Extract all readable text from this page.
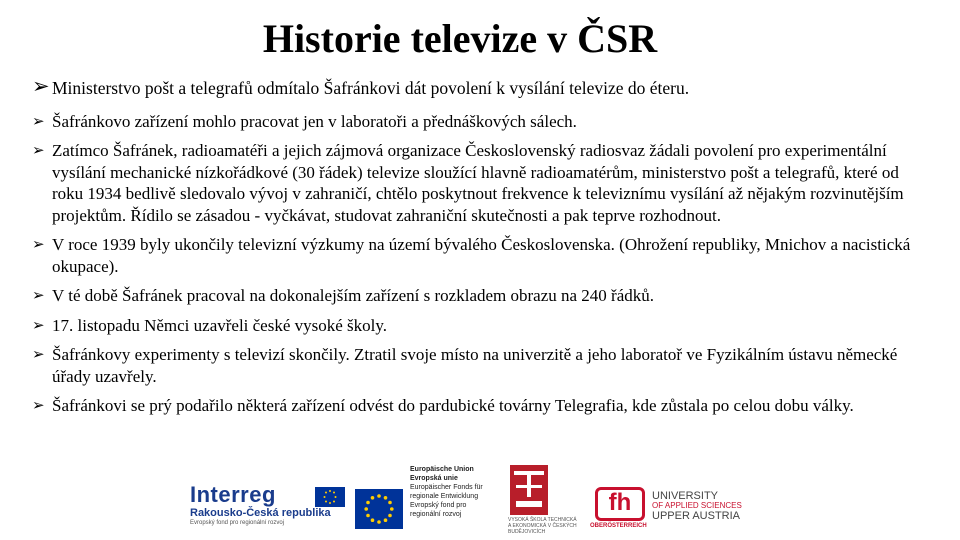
Historie televize v ČSR
➢ Ministerstvo pošt a telegrafů odmítalo Šafránkovi dát povolení k vysílání televize do éteru.
➢ Šafránkovo zařízení mohlo pracovat jen v laboratoři a přednáškových sálech.
➢ Zatímco Šafránek, radioamatéři a jejich zájmová organizace Československý radiosvaz žádali povolení pro experimentální vysílání mechanické nízkořádkové (30 řádek) televize sloužící hlavně radioamatérům, ministerstvo pošt a telegrafů, které od roku 1934 bedlivě sledovalo vývoj v zahraničí, chtělo poskytnout frekvence k televiznímu vysílání až nějakým rozvinutějším projektům. Řídilo se zásadou - vyčkávat, studovat zahraniční skutečnosti a pak teprve rozhodnout.
➢ V roce 1939 byly ukončily televizní výzkumy na území bývalého Československa. (Ohrožení republiky, Mnichov a nacistická okupace).
➢ V té době Šafránek pracoval na dokonalejším zařízení s rozkladem obrazu na 240 řádků.
➢ 17. listopadu Němci uzavřeli české vysoké školy.
➢ Šafránkovy experimenty s televizí skončily. Ztratil svoje místo na univerzitě a jeho laboratoř ve Fyzikálním ústavu německé úřady uzavřely.
➢ Šafránkovi se prý podařilo některá zařízení odvést do pardubické továrny Telegrafia, kde zůstala po celou dobu války.
Interreg
Rakousko-Česká republika
Evropský fond pro regionální rozvoj
Europäische Union
Evropská unie
Europäischer Fonds für
regionale Entwicklung
Evropský fond pro
regionální rozvoj
VYSOKÁ ŠKOLA TECHNICKÁ A EKONOMICKÁ V ČESKÝCH BUDĚJOVICÍCH
fh
OBERÖSTERREICH
UNIVERSITY
OF APPLIED SCIENCES
UPPER AUSTRIA
